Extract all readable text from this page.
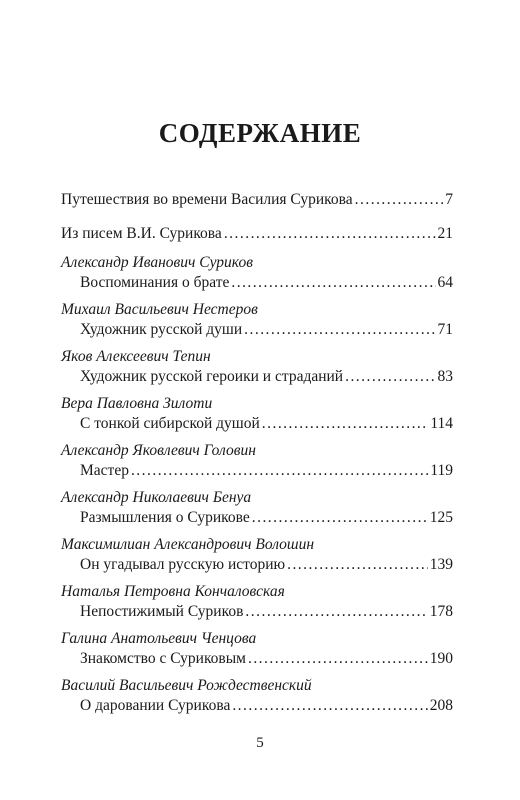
СОДЕРЖАНИЕ
Путешествия во времени Василия Сурикова . . .	7
Из писем В.И. Сурикова . . .	21
Александр Иванович Суриков
Воспоминания о брате . . .	64
Михаил Васильевич Нестеров
Художник русской души . . .	71
Яков Алексеевич Тепин
Художник русской героики и страданий . . .	83
Вера Павловна Зилоти
С тонкой сибирской душой . . .	114
Александр Яковлевич Головин
Мастер . . .	119
Александр Николаевич Бенуа
Размышления о Сурикове . . .	125
Максимилиан Александрович Волошин
Он угадывал русскую историю . . .	139
Наталья Петровна Кончаловская
Непостижимый Суриков . . .	178
Галина Анатольевич Ченцова
Знакомство с Суриковым . . .	190
Василий Васильевич Рождественский
О даровании Сурикова . . .	208
5
